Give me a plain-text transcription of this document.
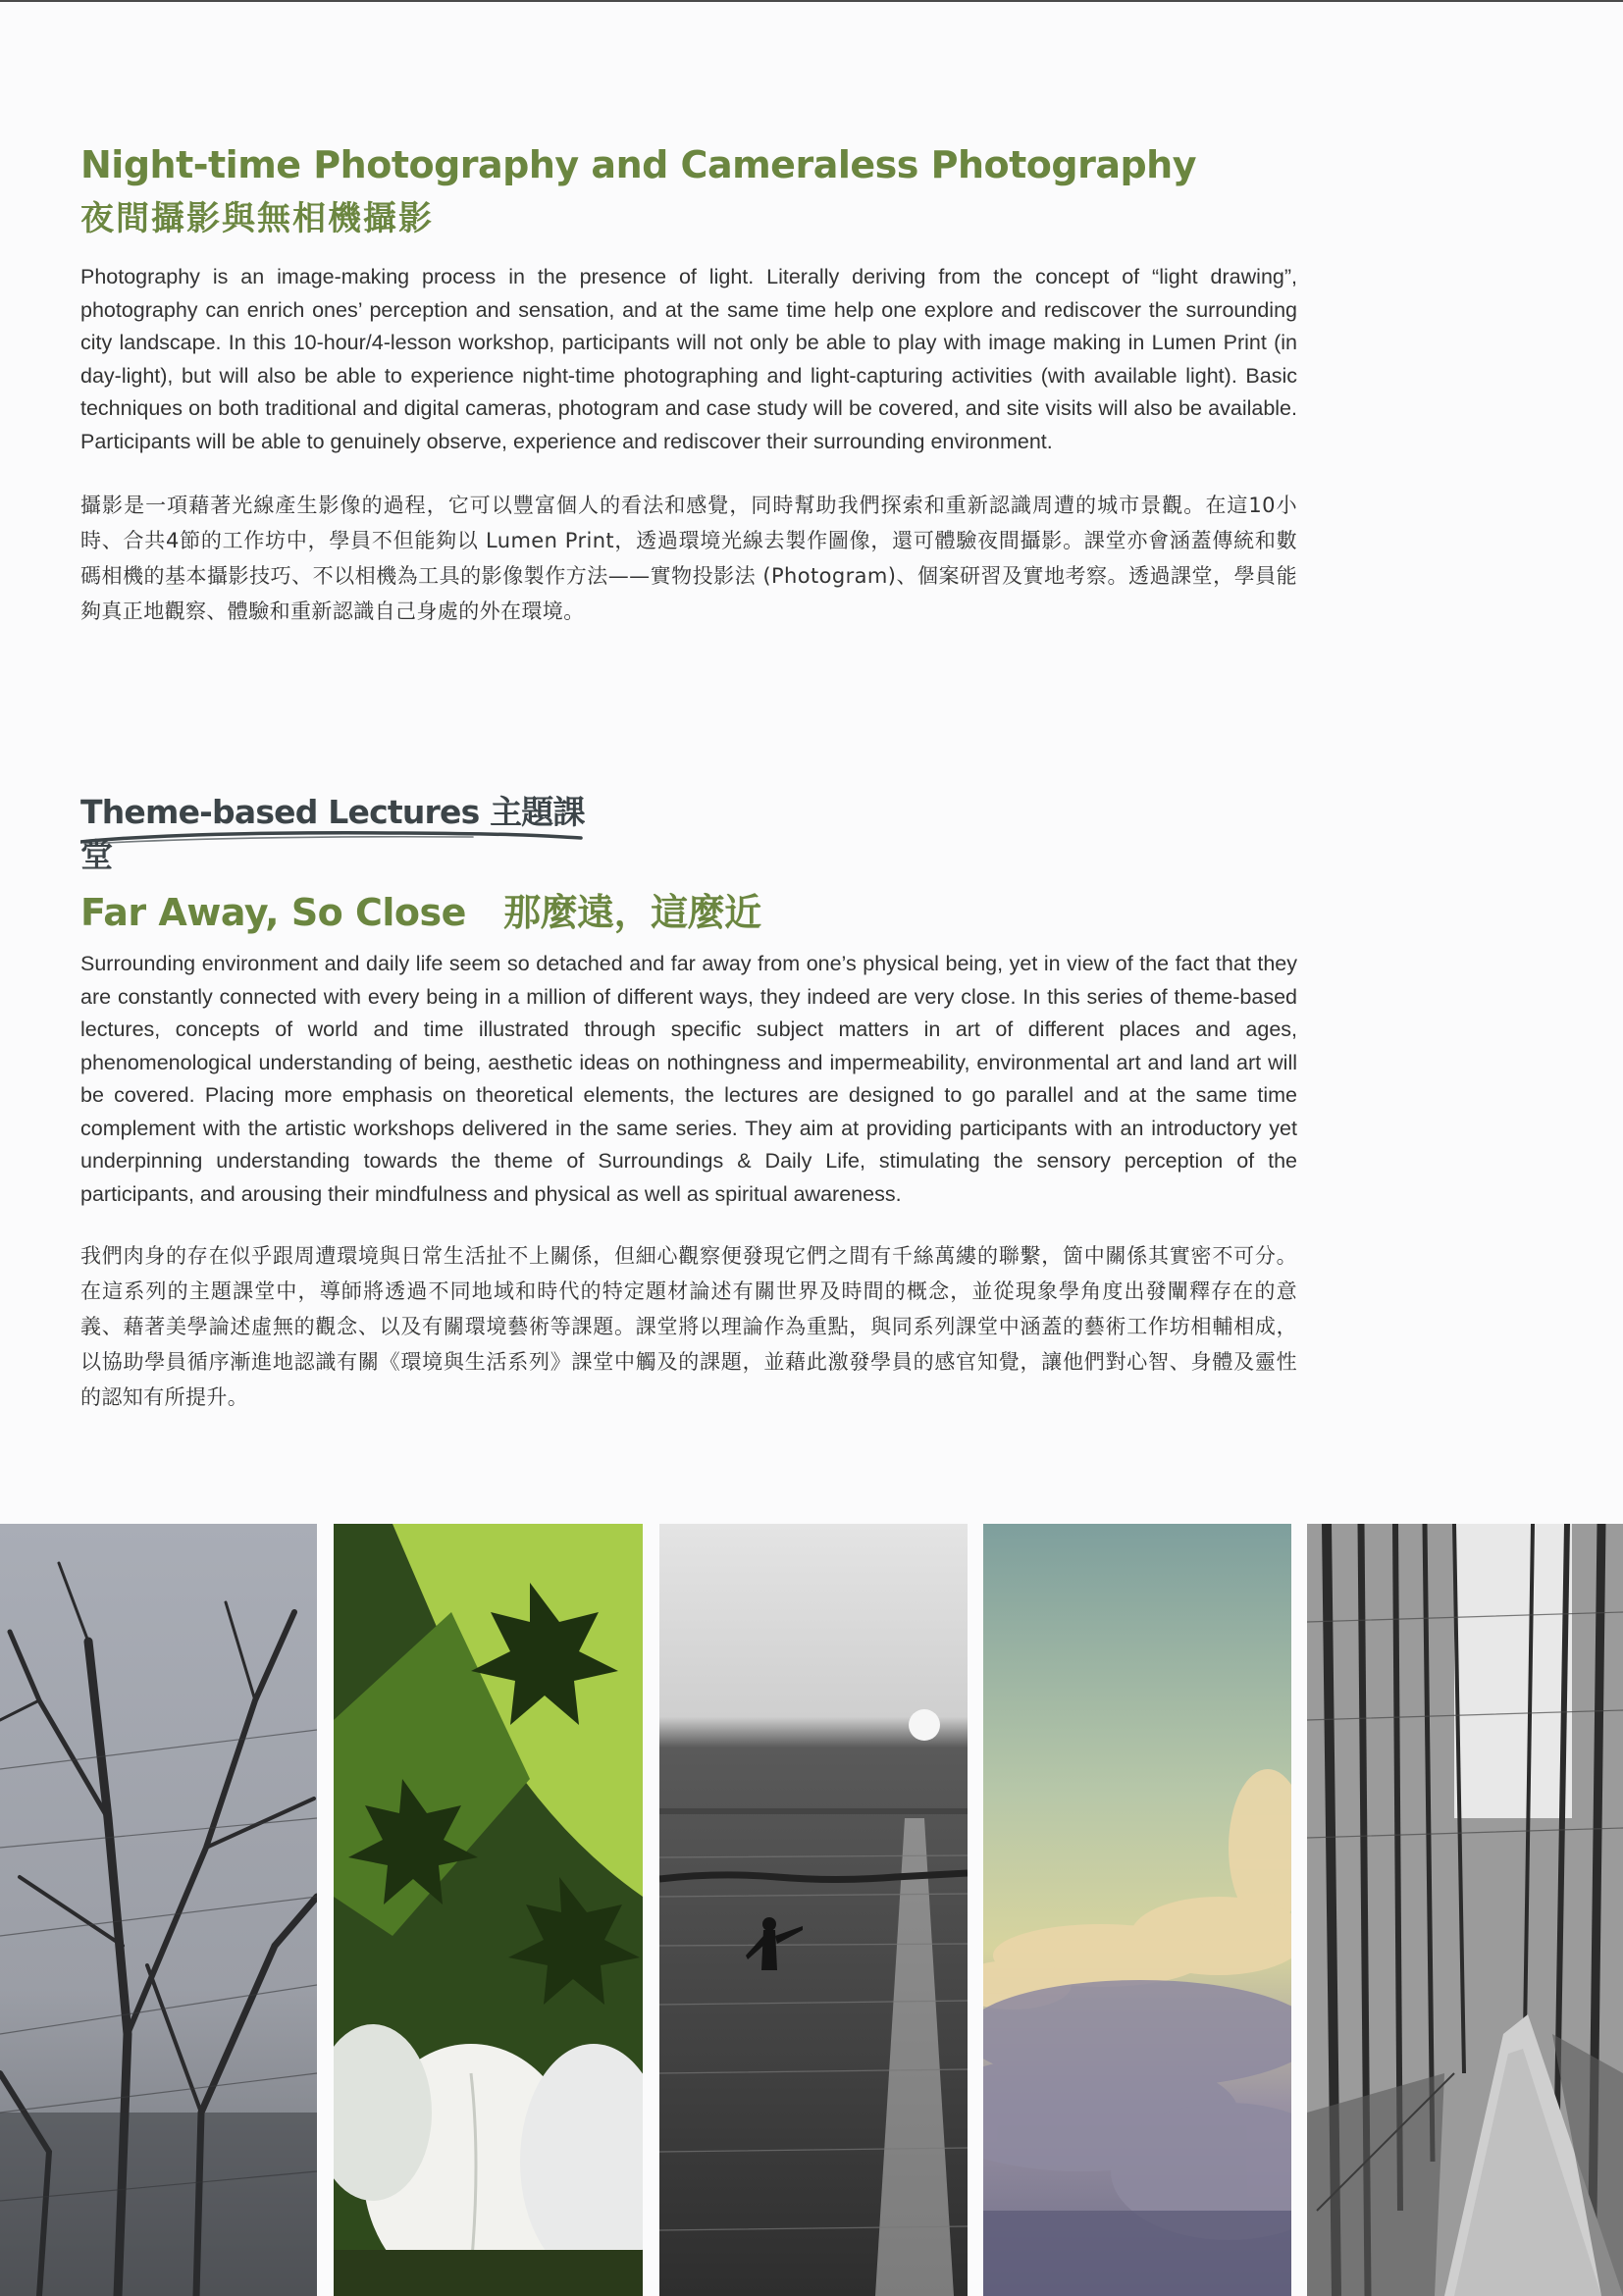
Night-time Photography and Cameraless Photography
夜間攝影與無相機攝影

Photography is an image-making process in the presence of light. Literally deriving from the concept of “light drawing”, photography can enrich ones’ perception and sensation, and at the same time help one explore and rediscover the surrounding city landscape. In this 10-hour/4-lesson workshop, participants will not only be able to play with image making in Lumen Print (in day-light), but will also be able to experience night-time photographing and light-capturing activities (with available light). Basic techniques on both traditional and digital cameras, photogram and case study will be covered, and site visits will also be available. Participants will be able to genuinely observe, experience and rediscover their surrounding environment.

攝影是一項藉著光線產生影像的過程，它可以豐富個人的看法和感覺，同時幫助我們探索和重新認識周遭的城市景觀。在這10小時、合共4節的工作坊中，學員不但能夠以 Lumen Print，透過環境光線去製作圖像，還可體驗夜間攝影。課堂亦會涵蓋傳統和數碼相機的基本攝影技巧、不以相機為工具的影像製作方法——實物投影法 (Photogram)、個案研習及實地考察。透過課堂，學員能夠真正地觀察、體驗和重新認識自己身處的外在環境。

Theme-based Lectures 主題課堂
Far Away, So Close   那麼遠，這麼近

Surrounding environment and daily life seem so detached and far away from one’s physical being, yet in view of the fact that they are constantly connected with every being in a million of different ways, they indeed are very close. In this series of theme-based lectures, concepts of world and time illustrated through specific subject matters in art of different places and ages, phenomenological understanding of being, aesthetic ideas on nothingness and impermeability, environmental art and land art will be covered. Placing more emphasis on theoretical elements, the lectures are designed to go parallel and at the same time complement with the artistic workshops delivered in the same series. They aim at providing participants with an introductory yet underpinning understanding towards the theme of Surroundings & Daily Life, stimulating the sensory perception of the participants, and arousing their mindfulness and physical as well as spiritual awareness.

我們肉身的存在似乎跟周遭環境與日常生活扯不上關係，但細心觀察便發現它們之間有千絲萬縷的聯繫，箇中關係其實密不可分。在這系列的主題課堂中，導師將透過不同地域和時代的特定題材論述有關世界及時間的概念，並從現象學角度出發闡釋存在的意義、藉著美學論述虛無的觀念、以及有關環境藝術等課題。課堂將以理論作為重點，與同系列課堂中涵蓋的藝術工作坊相輔相成，以協助學員循序漸進地認識有關《環境與生活系列》課堂中觸及的課題，並藉此激發學員的感官知覺，讓他們對心智、身體及靈性的認知有所提升。
